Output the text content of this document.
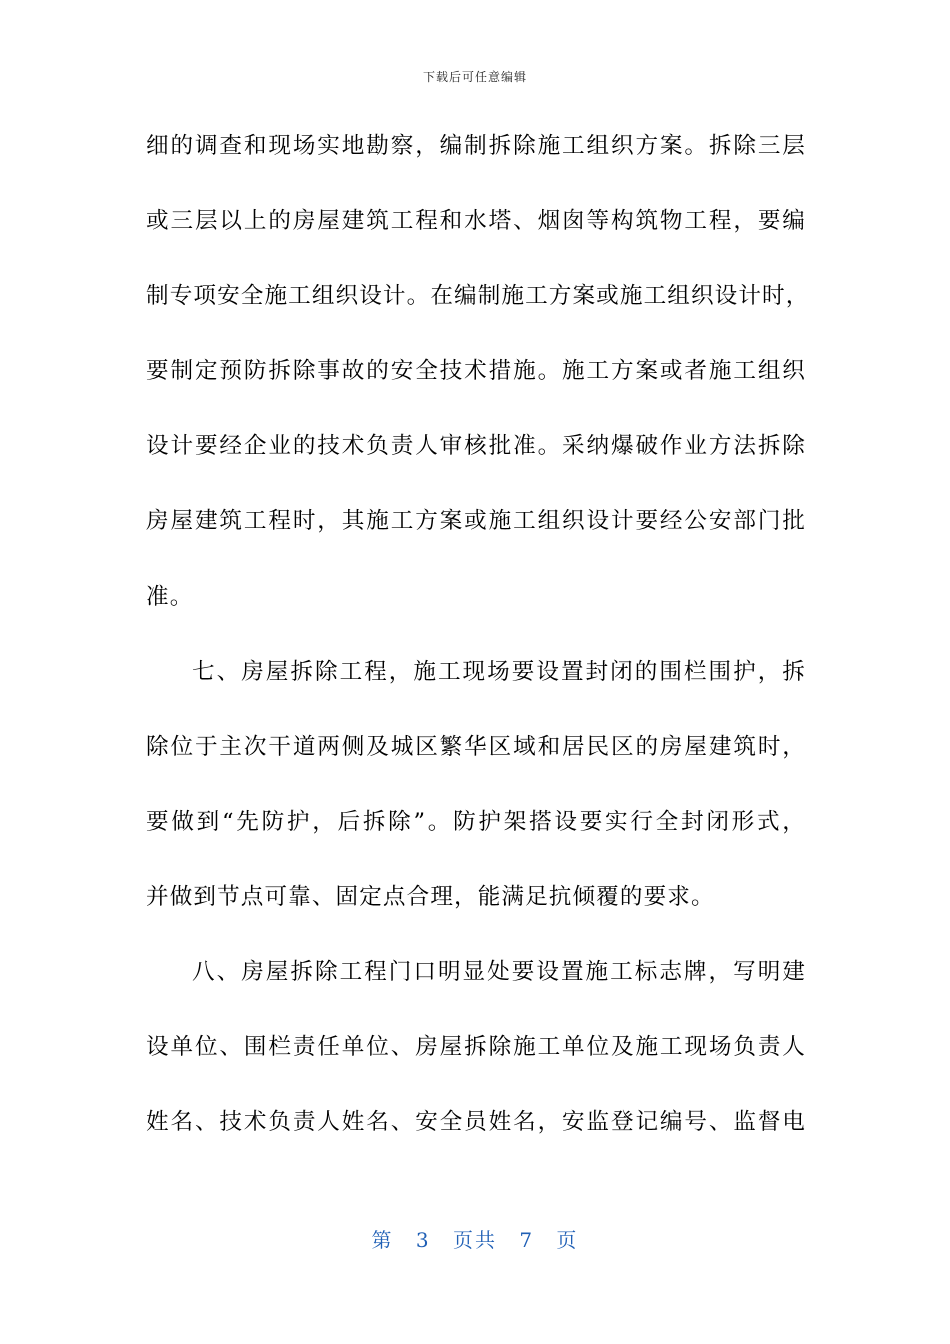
下载后可任意编辑
细的调查和现场实地勘察，编制拆除施工组织方案。拆除三层
或三层以上的房屋建筑工程和水塔、烟囱等构筑物工程，要编
制专项安全施工组织设计。在编制施工方案或施工组织设计时，
要制定预防拆除事故的安全技术措施。施工方案或者施工组织
设计要经企业的技术负责人审核批准。采纳爆破作业方法拆除
房屋建筑工程时，其施工方案或施工组织设计要经公安部门批
准。
七、房屋拆除工程，施工现场要设置封闭的围栏围护，拆
除位于主次干道两侧及城区繁华区域和居民区的房屋建筑时，
要做到“先防护，后拆除”。防护架搭设要实行全封闭形式，
并做到节点可靠、固定点合理，能满足抗倾覆的要求。
八、房屋拆除工程门口明显处要设置施工标志牌，写明建
设单位、围栏责任单位、房屋拆除施工单位及施工现场负责人
姓名、技术负责人姓名、安全员姓名，安监登记编号、监督电
第 3 页共 7 页
